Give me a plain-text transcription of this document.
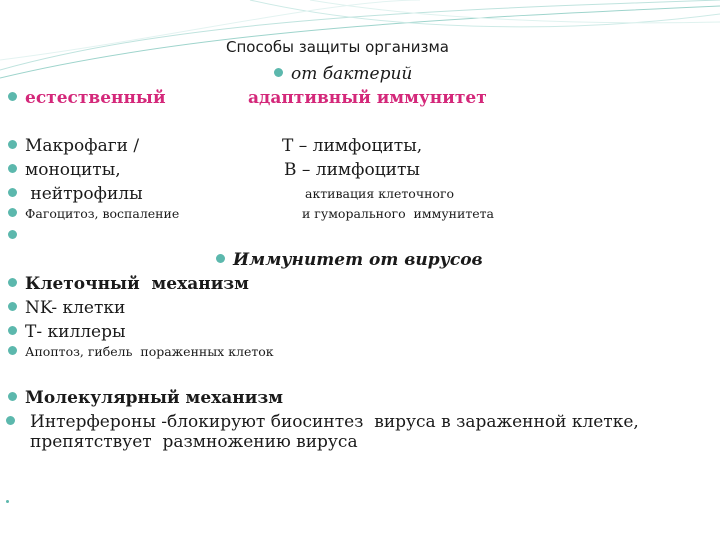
Способы защиты организма
от бактерий
естественный	адаптивный иммунитет
Макрофаги /
моноциты,
нейтрофилы
Фагоцитоз, воспаление
Т – лимфоциты,
В – лимфоциты
активация клеточного
и гуморального  иммунитета
Иммунитет от вирусов
Клеточный  механизм
NK- клетки
Т- киллеры
Апоптоз, гибель  пораженных клеток
Молекулярный механизм
Интерфероны -блокируют биосинтез  вируса в зараженной клетке, препятствует  размножению вируса
